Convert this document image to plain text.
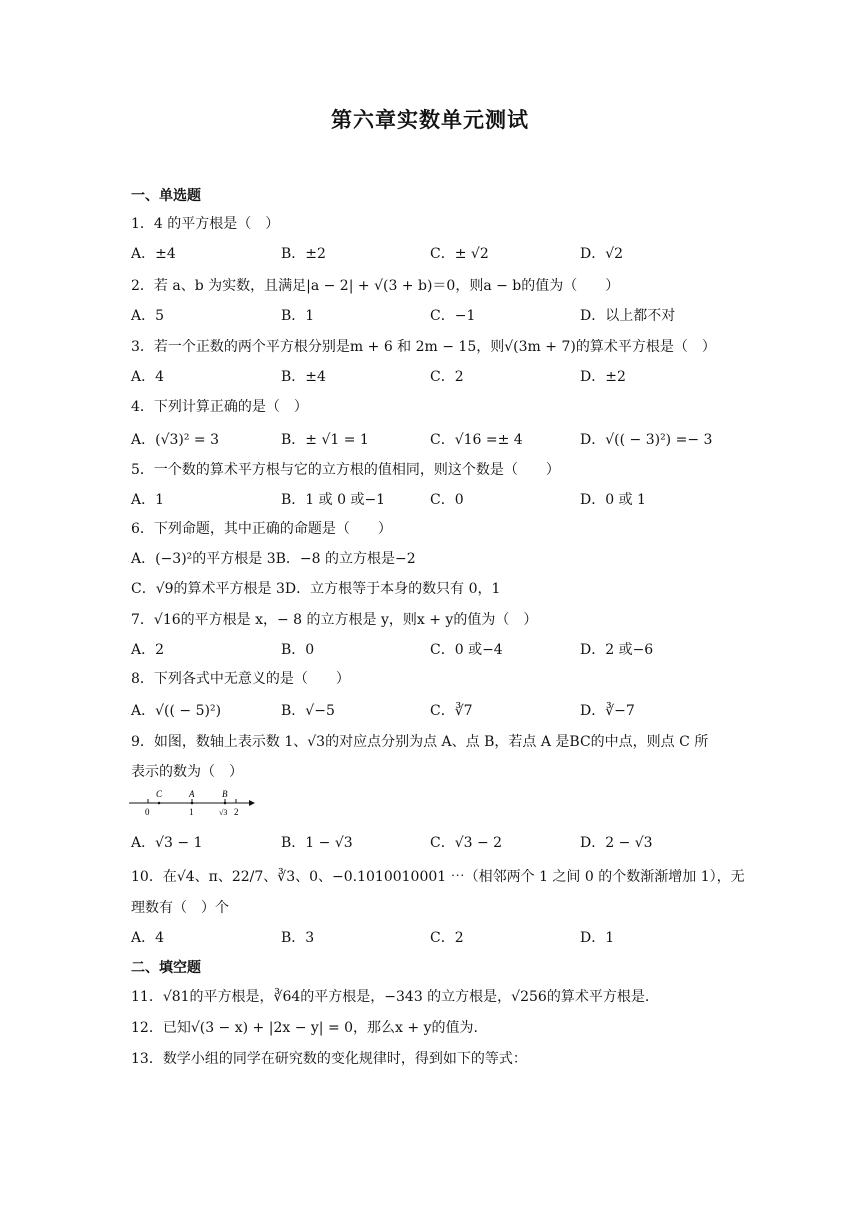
第六章实数单元测试
一、单选题
1．4 的平方根是（　）
A．±4	B．±2	C．± √2	D．√2
2．若 a、b 为实数，且满足|a − 2| + √(3 + b)＝0，则a − b的值为（　　）
A．5	B．1	C．−1	D．以上都不对
3．若一个正数的两个平方根分别是m + 6 和 2m − 15，则√(3m + 7)的算术平方根是（　）
A．4	B．±4	C．2	D．±2
4．下列计算正确的是（　）
A．(√3)² = 3	B．± √1 = 1	C．√16 =± 4	D．√(( − 3)²) =− 3
5．一个数的算术平方根与它的立方根的值相同，则这个数是（　　）
A．1	B．1 或 0 或−1	C．0	D．0 或 1
6．下列命题，其中正确的命题是（　　）
A．(−3)²的平方根是 3B．−8 的立方根是−2
C．√9的算术平方根是 3D．立方根等于本身的数只有 0，1
7．√16的平方根是 x，− 8 的立方根是 y，则x + y的值为（　）
A．2	B．0	C．0 或−4	D．2 或−6
8．下列各式中无意义的是（　　）
A．√(( − 5)²)	B．√−5	C．∛7	D．∛−7
9．如图，数轴上表示数 1、√3的对应点分别为点 A、点 B，若点 A 是BC的中点，则点 C 所
表示的数为（　）
C	A	B
0	1	√3 2
A．√3 − 1	B．1 − √3	C．√3 − 2	D．2 − √3
10．在√4、π、22/7、∛3、0、−0.1010010001 ⋯（相邻两个 1 之间 0 的个数渐渐增加 1），无
理数有（　）个
A．4	B．3	C．2	D．1
二、填空题
11．√81的平方根是，∛64的平方根是，−343 的立方根是，√256的算术平方根是.
12．已知√(3 − x) + |2x − y| = 0，那么x + y的值为.
13．数学小组的同学在研究数的变化规律时，得到如下的等式：
